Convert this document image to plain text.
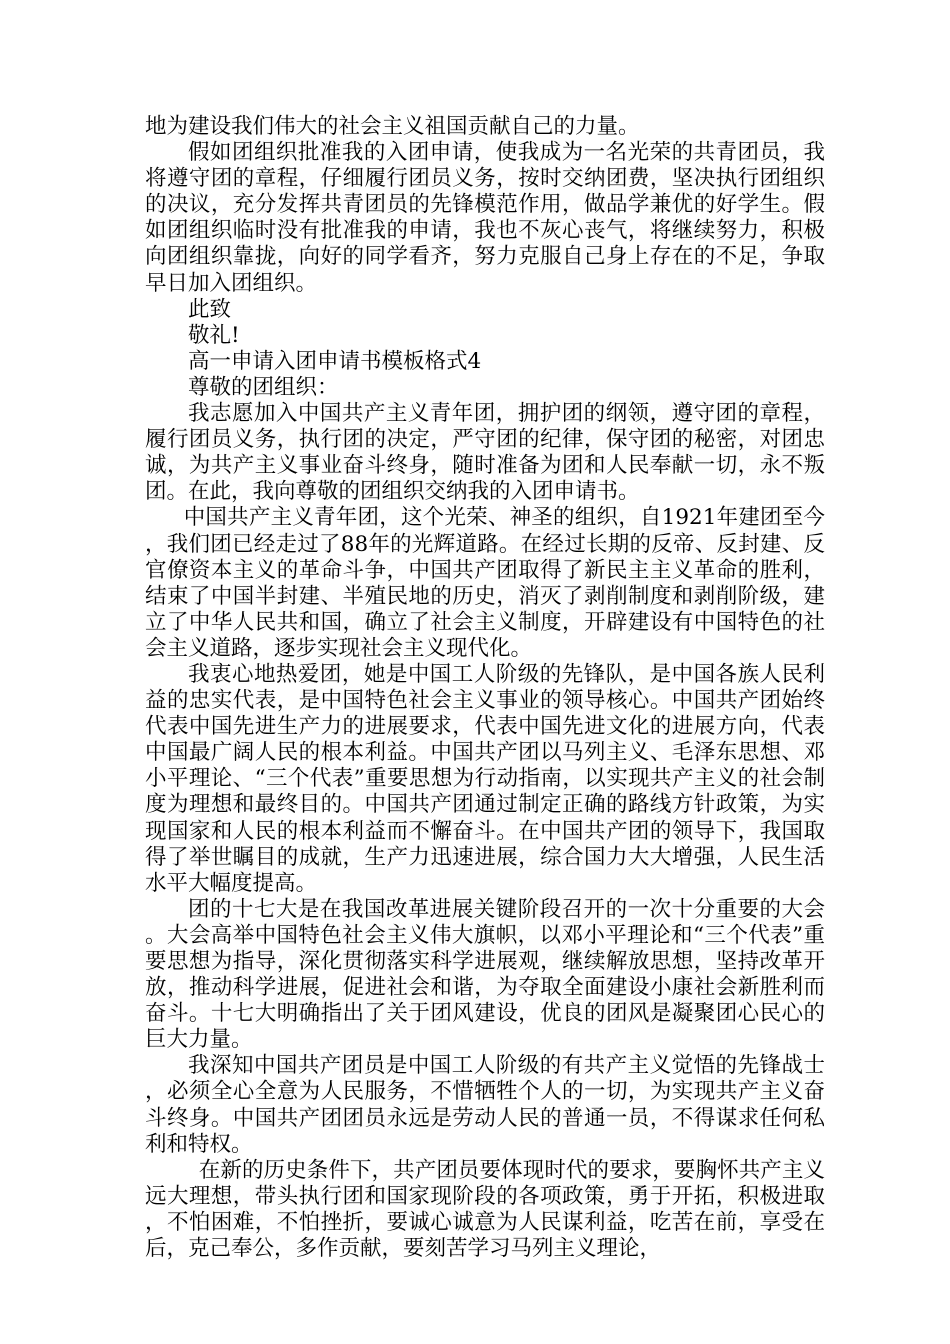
地为建设我们伟大的社会主义祖国贡献自己的力量。

假如团组织批准我的入团申请，使我成为一名光荣的共青团员，我将遵守团的章程，仔细履行团员义务，按时交纳团费，坚决执行团组织的决议，充分发挥共青团员的先锋模范作用，做品学兼优的好学生。假如团组织临时没有批准我的申请，我也不灰心丧气，将继续努力，积极向团组织靠拢，向好的同学看齐，努力克服自己身上存在的不足，争取早日加入团组织。

此致

敬礼!

高一申请入团申请书模板格式4

尊敬的团组织：

我志愿加入中国共产主义青年团，拥护团的纲领，遵守团的章程，履行团员义务，执行团的决定，严守团的纪律，保守团的秘密，对团忠诚，为共产主义事业奋斗终身，随时准备为团和人民奉献一切，永不叛团。在此，我向尊敬的团组织交纳我的入团申请书。

中国共产主义青年团，这个光荣、神圣的组织，自1921年建团至今，我们团已经走过了88年的光辉道路。在经过长期的反帝、反封建、反官僚资本主义的革命斗争，中国共产团取得了新民主主义革命的胜利，结束了中国半封建、半殖民地的历史，消灭了剥削制度和剥削阶级，建立了中华人民共和国，确立了社会主义制度，开辟建设有中国特色的社会主义道路，逐步实现社会主义现代化。

我衷心地热爱团，她是中国工人阶级的先锋队，是中国各族人民利益的忠实代表，是中国特色社会主义事业的领导核心。中国共产团始终代表中国先进生产力的进展要求，代表中国先进文化的进展方向，代表中国最广阔人民的根本利益。中国共产团以马列主义、毛泽东思想、邓小平理论、“三个代表”重要思想为行动指南，以实现共产主义的社会制度为理想和最终目的。中国共产团通过制定正确的路线方针政策，为实现国家和人民的根本利益而不懈奋斗。在中国共产团的领导下，我国取得了举世瞩目的成就，生产力迅速进展，综合国力大大增强，人民生活水平大幅度提高。

团的十七大是在我国改革进展关键阶段召开的一次十分重要的大会。大会高举中国特色社会主义伟大旗帜，以邓小平理论和“三个代表”重要思想为指导，深化贯彻落实科学进展观，继续解放思想，坚持改革开放，推动科学进展，促进社会和谐，为夺取全面建设小康社会新胜利而奋斗。十七大明确指出了关于团风建设，优良的团风是凝聚团心民心的巨大力量。

我深知中国共产团员是中国工人阶级的有共产主义觉悟的先锋战士，必须全心全意为人民服务，不惜牺牲个人的一切，为实现共产主义奋斗终身。中国共产团团员永远是劳动人民的普通一员，不得谋求任何私利和特权。

在新的历史条件下，共产团员要体现时代的要求，要胸怀共产主义远大理想，带头执行团和国家现阶段的各项政策，勇于开拓，积极进取，不怕困难，不怕挫折，要诚心诚意为人民谋利益，吃苦在前，享受在后，克己奉公，多作贡献，要刻苦学习马列主义理论，
